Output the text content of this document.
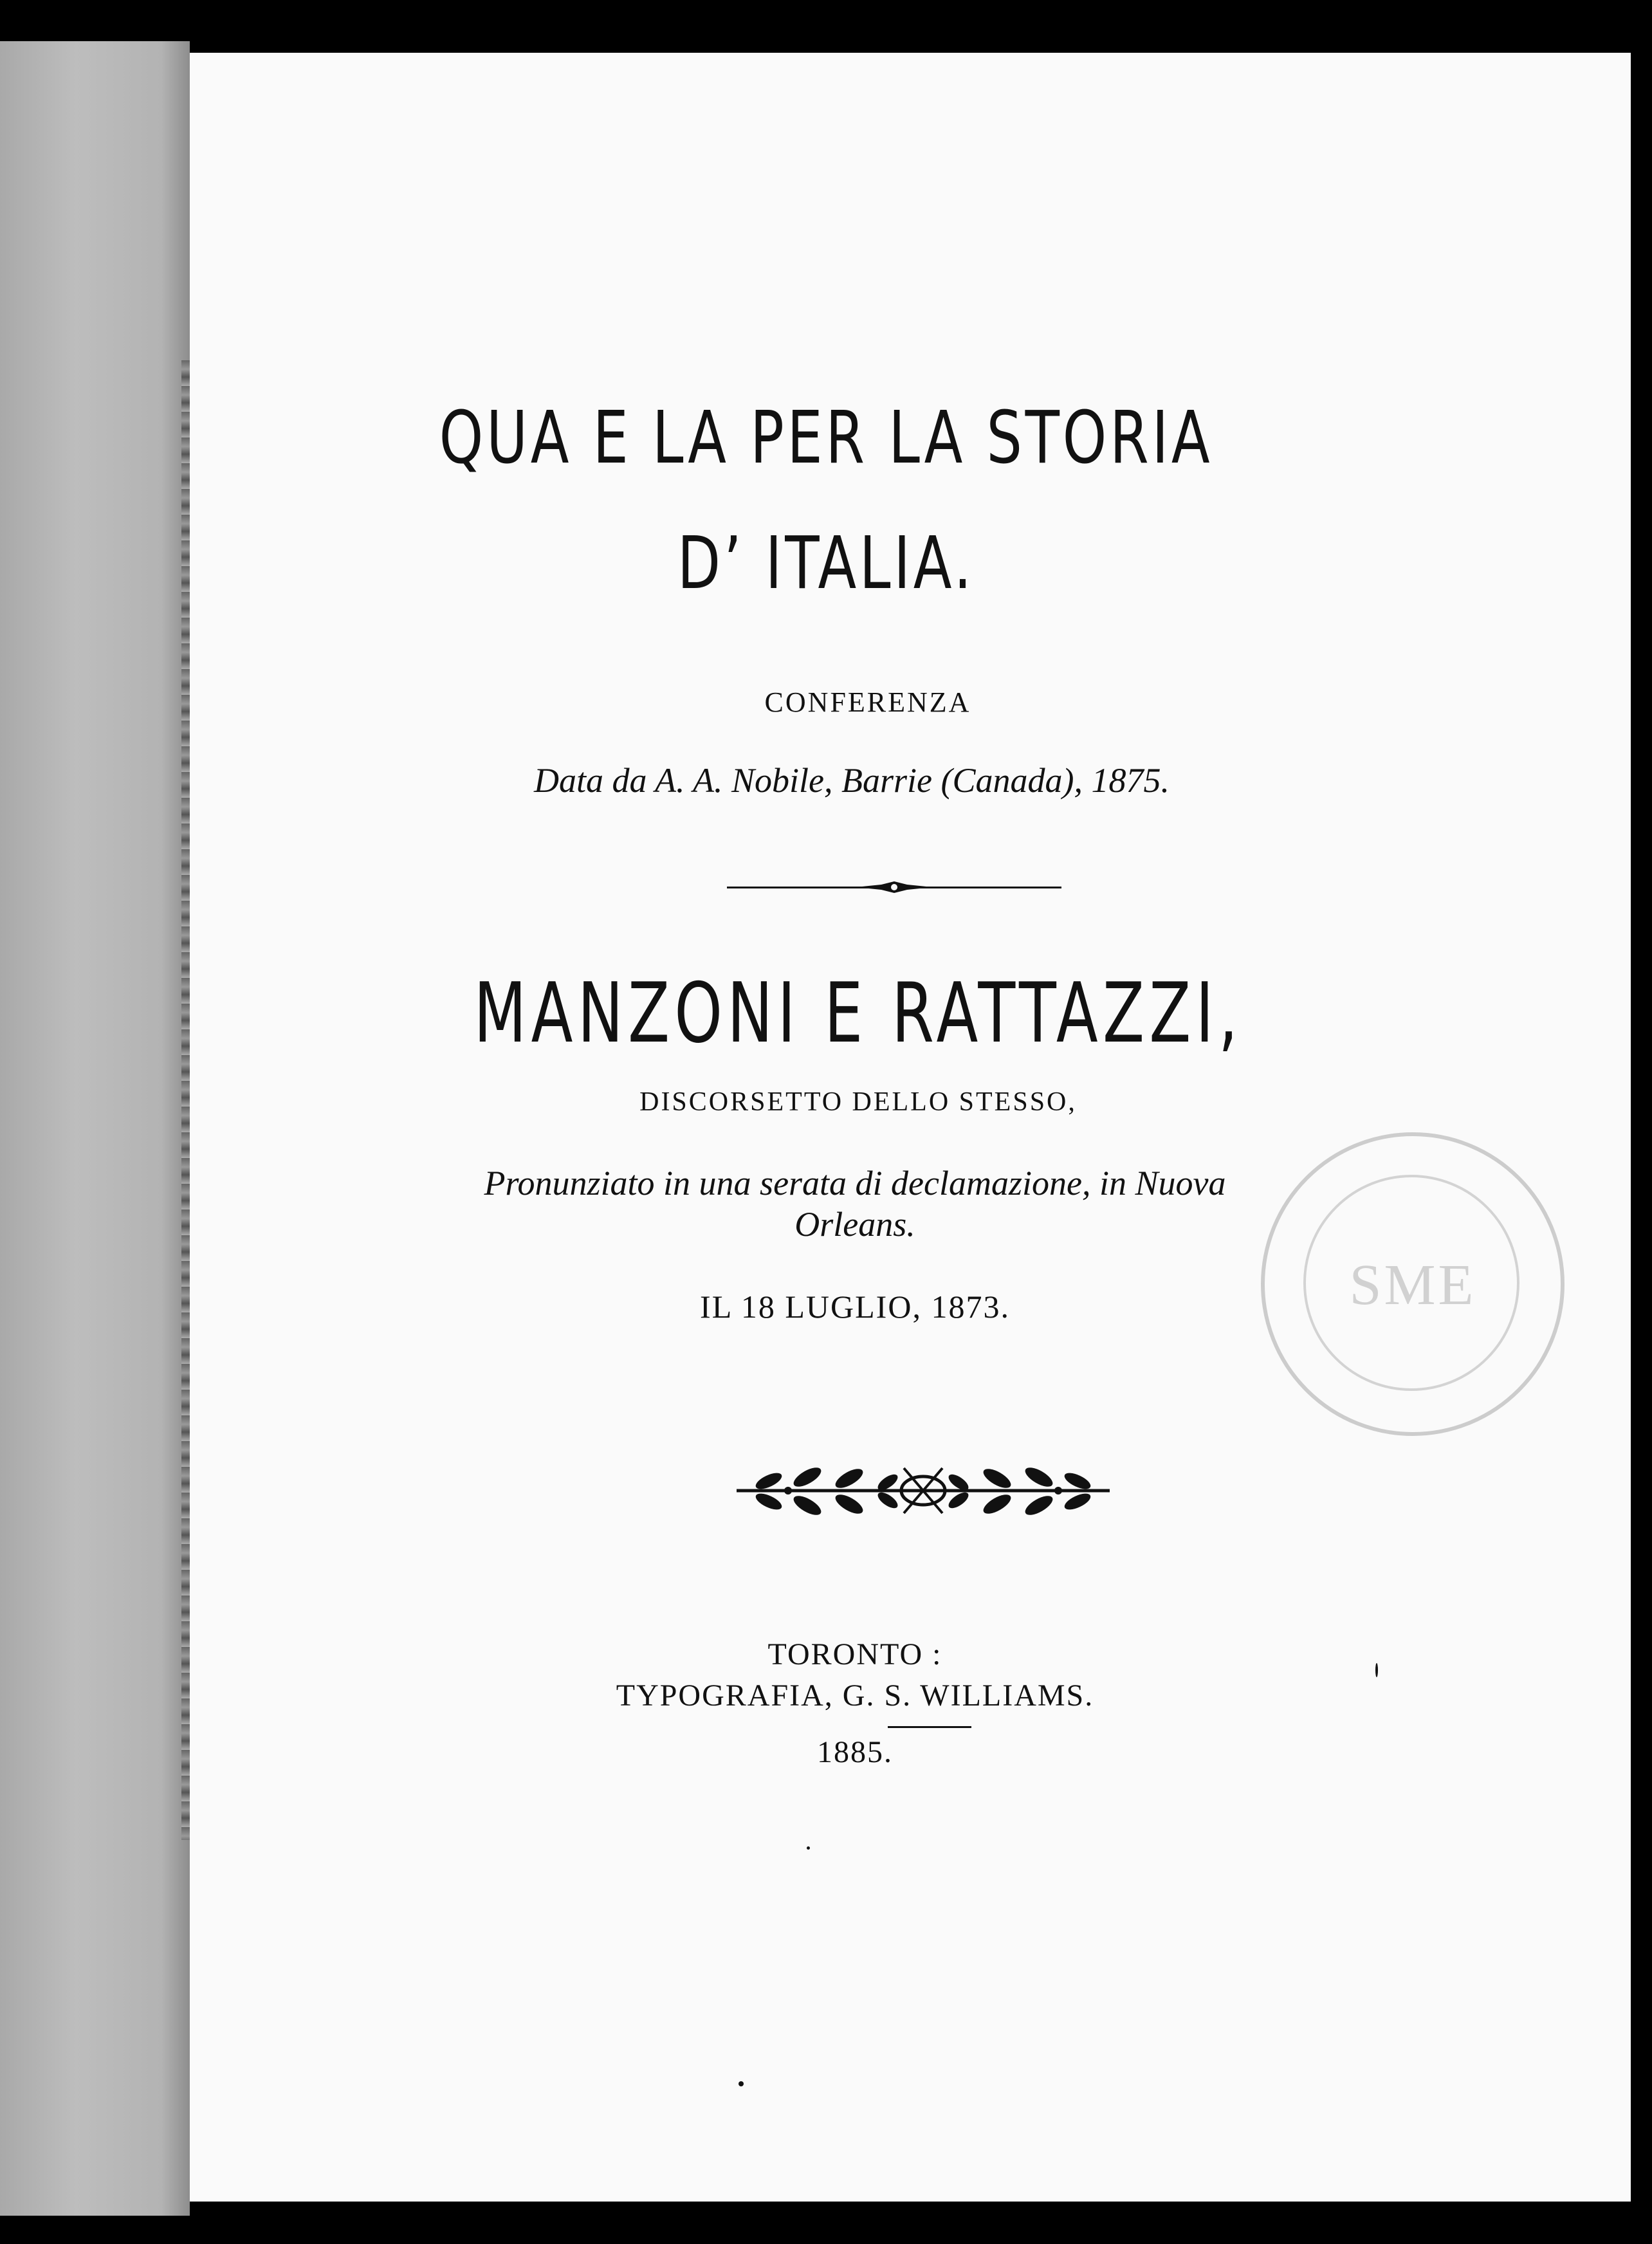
QUA E LA PER LA STORIA
D’ ITALIA.
CONFERENZA
Data da A. A. Nobile, Barrie (Canada), 1875.
MANZONI E RATTAZZI,
DISCORSETTO DELLO STESSO,
Pronunziato in una serata di declamazione, in Nuova
Orleans.
IL 18 LUGLIO, 1873.
TORONTO :
TYPOGRAFIA, G. S. WILLIAMS.
1885.
SME
